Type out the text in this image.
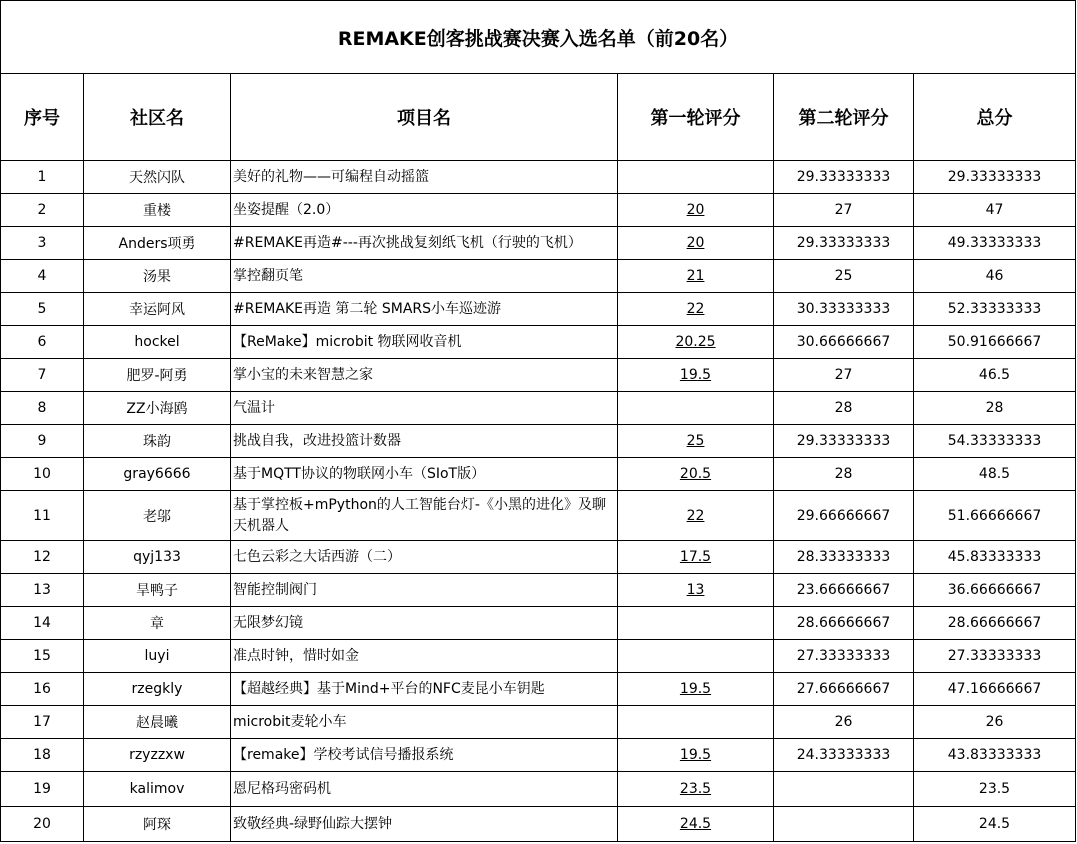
REMAKE创客挑战赛决赛入选名单（前20名）					
序号	社区名	项目名	第一轮评分	第二轮评分	总分
1	天然闪队	美好的礼物——可编程自动摇篮		29.33333333	29.33333333
2	重楼	坐姿提醒（2.0）	20	27	47
3	Anders项勇	#REMAKE再造#---再次挑战复刻纸飞机（行驶的飞机）	20	29.33333333	49.33333333
4	汤果	掌控翻页笔	21	25	46
5	幸运阿风	#REMAKE再造 第二轮 SMARS小车巡迹游	22	30.33333333	52.33333333
6	hockel	【ReMake】microbit 物联网收音机	20.25	30.66666667	50.91666667
7	肥罗-阿勇	掌小宝的未来智慧之家	19.5	27	46.5
8	ZZ小海鸥	气温计		28	28
9	珠韵	挑战自我，改进投篮计数器	25	29.33333333	54.33333333
10	gray6666	基于MQTT协议的物联网小车（SIoT版）	20.5	28	48.5
11	老邬	基于掌控板+mPython的人工智能台灯-《小黑的进化》及聊天机器人	22	29.66666667	51.66666667
12	qyj133	七色云彩之大话西游（二）	17.5	28.33333333	45.83333333
13	旱鸭子	智能控制阀门	13	23.66666667	36.66666667
14	章	无限梦幻镜		28.66666667	28.66666667
15	luyi	准点时钟，惜时如金		27.33333333	27.33333333
16	rzegkly	【超越经典】基于Mind+平台的NFC麦昆小车钥匙	19.5	27.66666667	47.16666667
17	赵晨曦	microbit麦轮小车		26	26
18	rzyzzxw	【remake】学校考试信号播报系统	19.5	24.33333333	43.83333333
19	kalimov	恩尼格玛密码机	23.5		23.5
20	阿琛	致敬经典-绿野仙踪大摆钟	24.5		24.5
